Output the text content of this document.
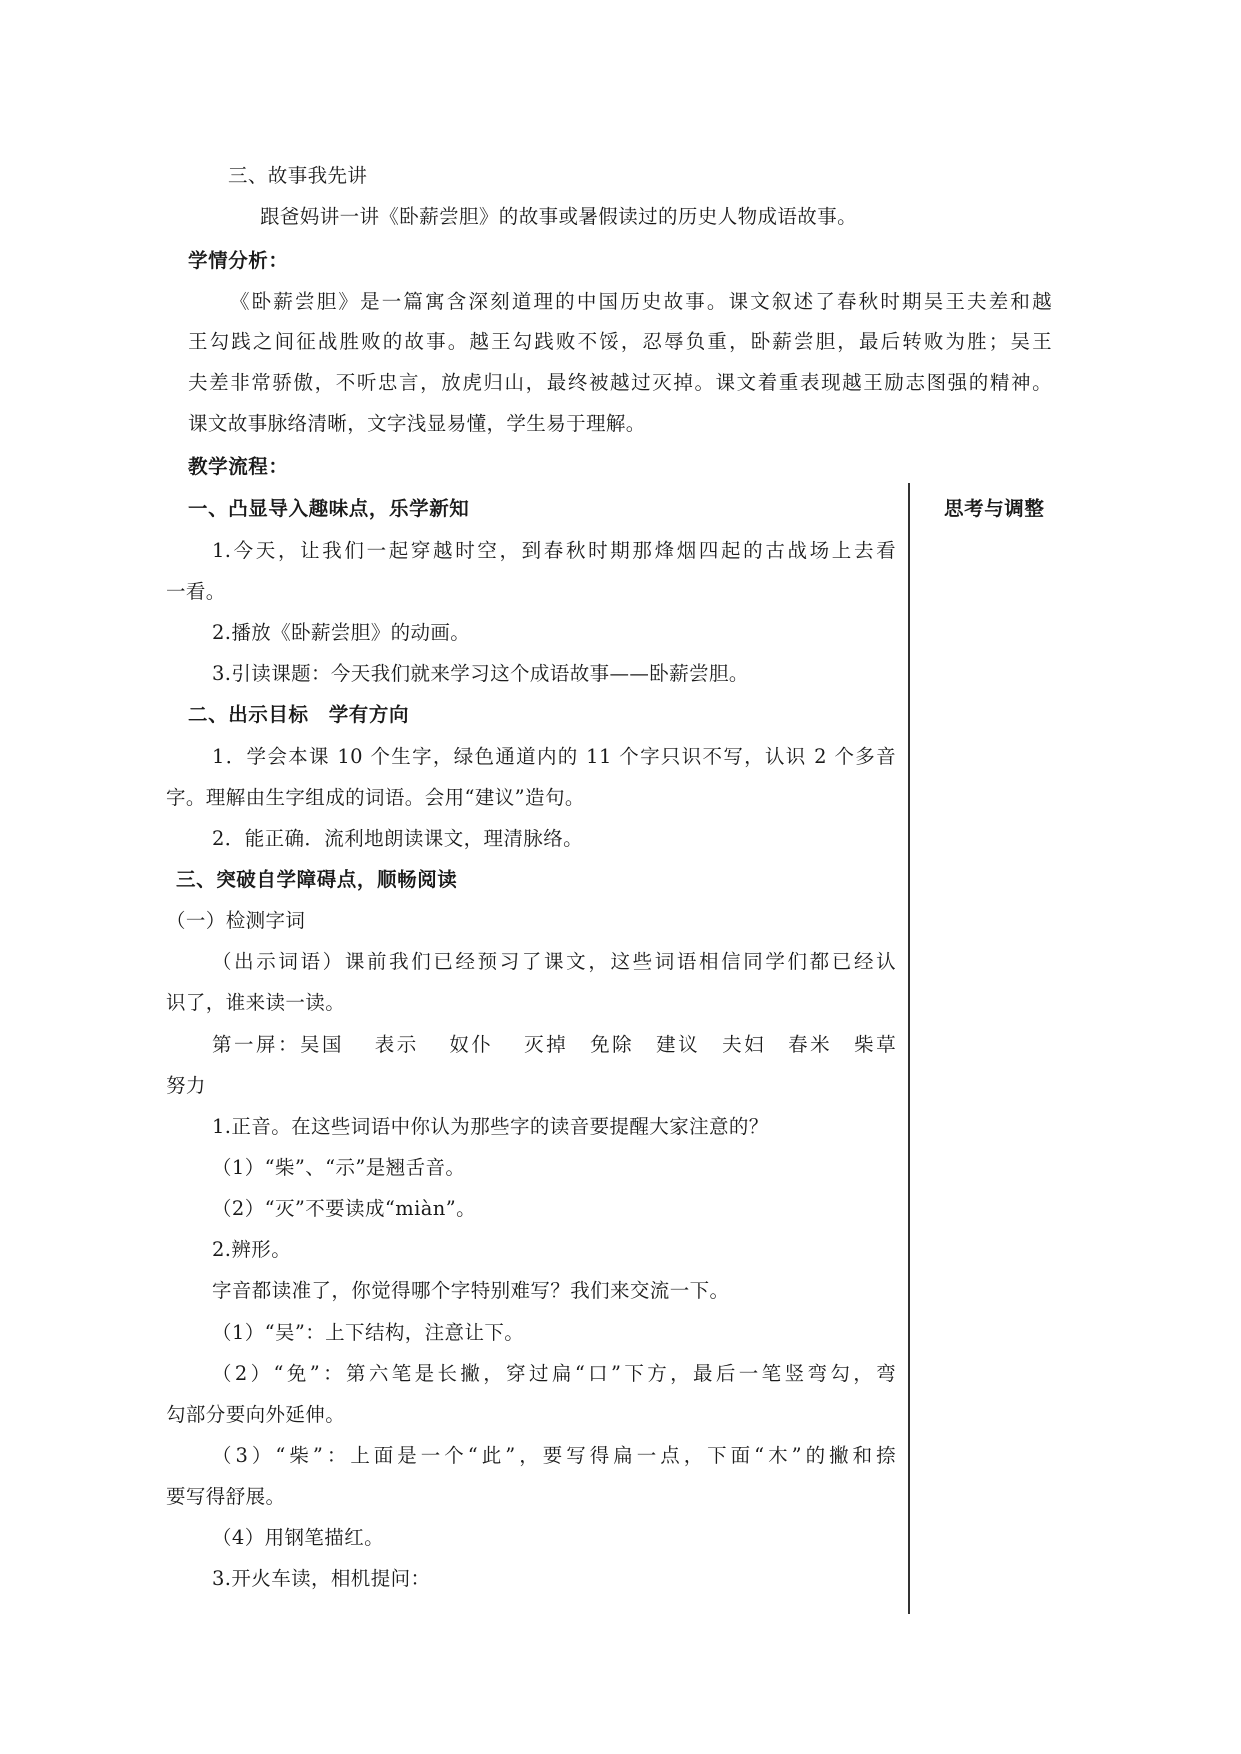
三、故事我先讲
跟爸妈讲一讲《卧薪尝胆》的故事或暑假读过的历史人物成语故事。
学情分析：
《卧薪尝胆》是一篇寓含深刻道理的中国历史故事。课文叙述了春秋时期吴王夫差和越
王勾践之间征战胜败的故事。越王勾践败不馁，忍辱负重，卧薪尝胆，最后转败为胜；吴王
夫差非常骄傲，不听忠言，放虎归山，最终被越过灭掉。课文着重表现越王励志图强的精神。
课文故事脉络清晰，文字浅显易懂，学生易于理解。
教学流程：
思考与调整
一、凸显导入趣味点，乐学新知
1.今天，让我们一起穿越时空，到春秋时期那烽烟四起的古战场上去看
一看。
2.播放《卧薪尝胆》的动画。
3.引读课题：今天我们就来学习这个成语故事——卧薪尝胆。
二、出示目标　学有方向
1．学会本课 10 个生字，绿色通道内的 11 个字只识不写，认识 2 个多音
字。理解由生字组成的词语。会用“建议”造句。
2．能正确．流利地朗读课文，理清脉络。
三、突破自学障碍点，顺畅阅读
（一）检测字词
（出示词语）课前我们已经预习了课文，这些词语相信同学们都已经认
识了，谁来读一读。
第一屏：吴国　 表示　 奴仆　 灭掉　免除　建议　夫妇　春米　柴草
努力
1.正音。在这些词语中你认为那些字的读音要提醒大家注意的？
（1）“柴”、“示”是翘舌音。
（2）“灭”不要读成“miàn”。
2.辨形。
字音都读准了，你觉得哪个字特别难写？我们来交流一下。
（1）“吴”：上下结构，注意让下。
（2）“免”：第六笔是长撇，穿过扁“口”下方，最后一笔竖弯勾，弯
勾部分要向外延伸。
（3）“柴”：上面是一个“此”，要写得扁一点，下面“木”的撇和捺
要写得舒展。
（4）用钢笔描红。
3.开火车读，相机提问：
